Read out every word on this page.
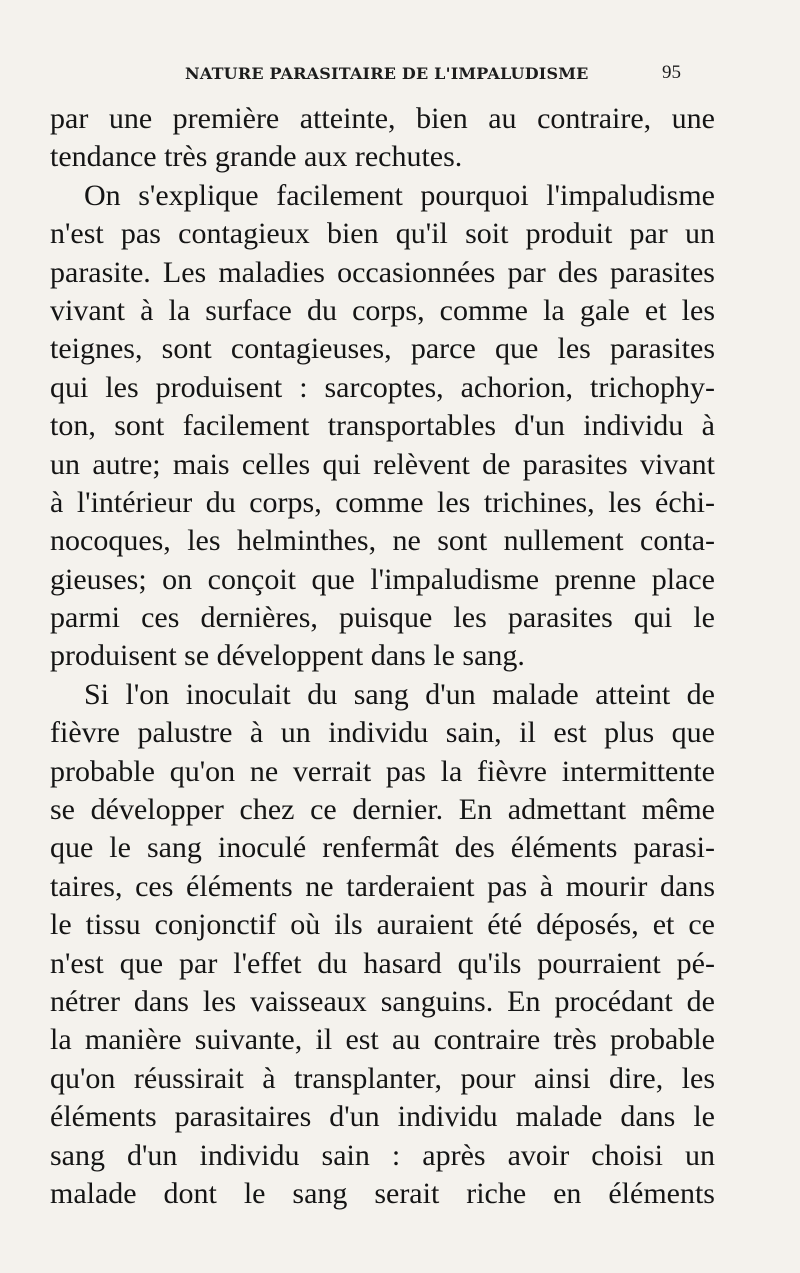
NATURE PARASITAIRE DE L'IMPALUDISME	95
par une première atteinte, bien au contraire, une
tendance très grande aux rechutes.
On s'explique facilement pourquoi l'impaludisme
n'est pas contagieux bien qu'il soit produit par un
parasite. Les maladies occasionnées par des parasites
vivant à la surface du corps, comme la gale et les
teignes, sont contagieuses, parce que les parasites
qui les produisent : sarcoptes, achorion, trichophy-
ton, sont facilement transportables d'un individu à
un autre; mais celles qui relèvent de parasites vivant
à l'intérieur du corps, comme les trichines, les échi-
nocoques, les helminthes, ne sont nullement conta-
gieuses; on conçoit que l'impaludisme prenne place
parmi ces dernières, puisque les parasites qui le
produisent se développent dans le sang.
Si l'on inoculait du sang d'un malade atteint de
fièvre palustre à un individu sain, il est plus que
probable qu'on ne verrait pas la fièvre intermittente
se développer chez ce dernier. En admettant même
que le sang inoculé renfermât des éléments parasi-
taires, ces éléments ne tarderaient pas à mourir dans
le tissu conjonctif où ils auraient été déposés, et ce
n'est que par l'effet du hasard qu'ils pourraient pé-
nétrer dans les vaisseaux sanguins. En procédant de
la manière suivante, il est au contraire très probable
qu'on réussirait à transplanter, pour ainsi dire, les
éléments parasitaires d'un individu malade dans le
sang d'un individu sain : après avoir choisi un
malade dont le sang serait riche en éléments
